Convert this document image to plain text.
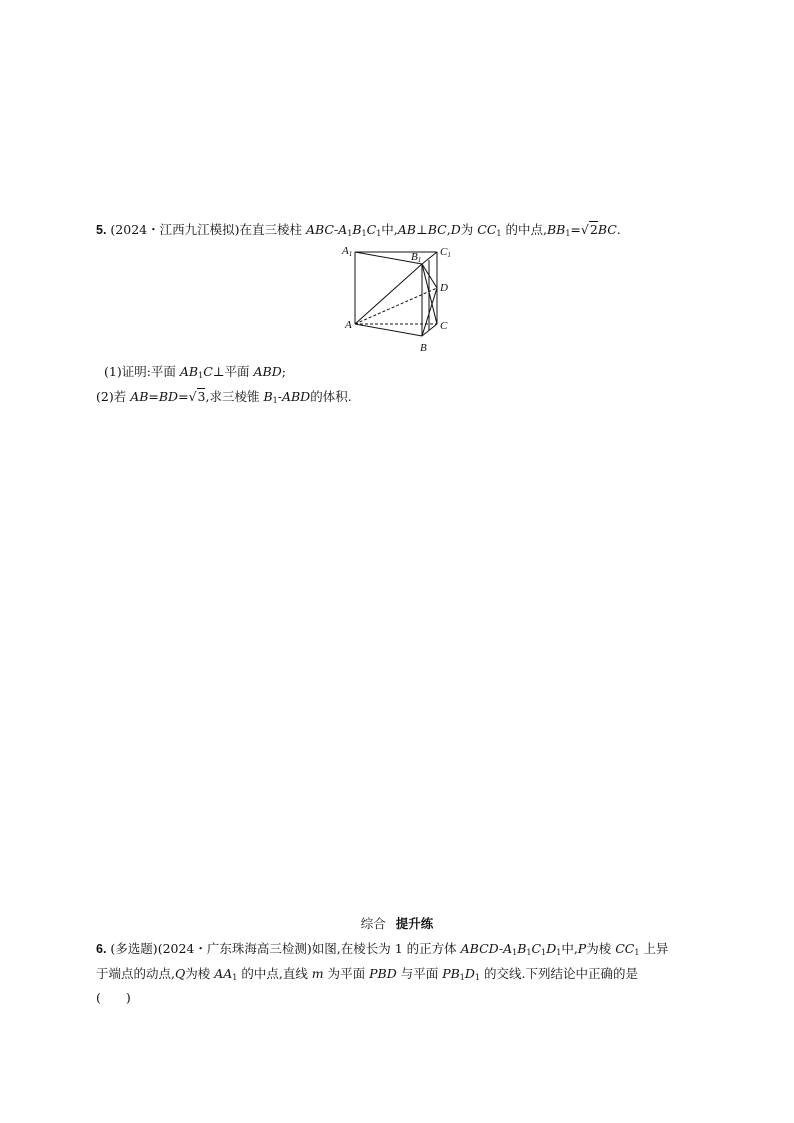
5. (2024・江西九江模拟)在直三棱柱 ABC-$A_1B_1C_1$中,AB⊥BC,D为 $CC_1$ 的中点$,BB_1=√2BC$.
A1	B1
C1
D
A	C
B
(1)证明:平面 $AB_1C\perp$平面 ABD;
(2)若 AB=BD=√3,求三棱锥 $B_1$-ABD的体积.
综合 提升练
6. (多选题)(2024・广东珠海高三检测)如图,在棱长为 1 的正方体 ABCD-$A_1B_1C_1D_1$中,P为棱 $CC_1$ 上异
于端点的动点,Q为棱 $AA_1$ 的中点,直线 m 为平面 PBD 与平面 $PB_1D_1$ 的交线.下列结论中正确的是
(　　)
